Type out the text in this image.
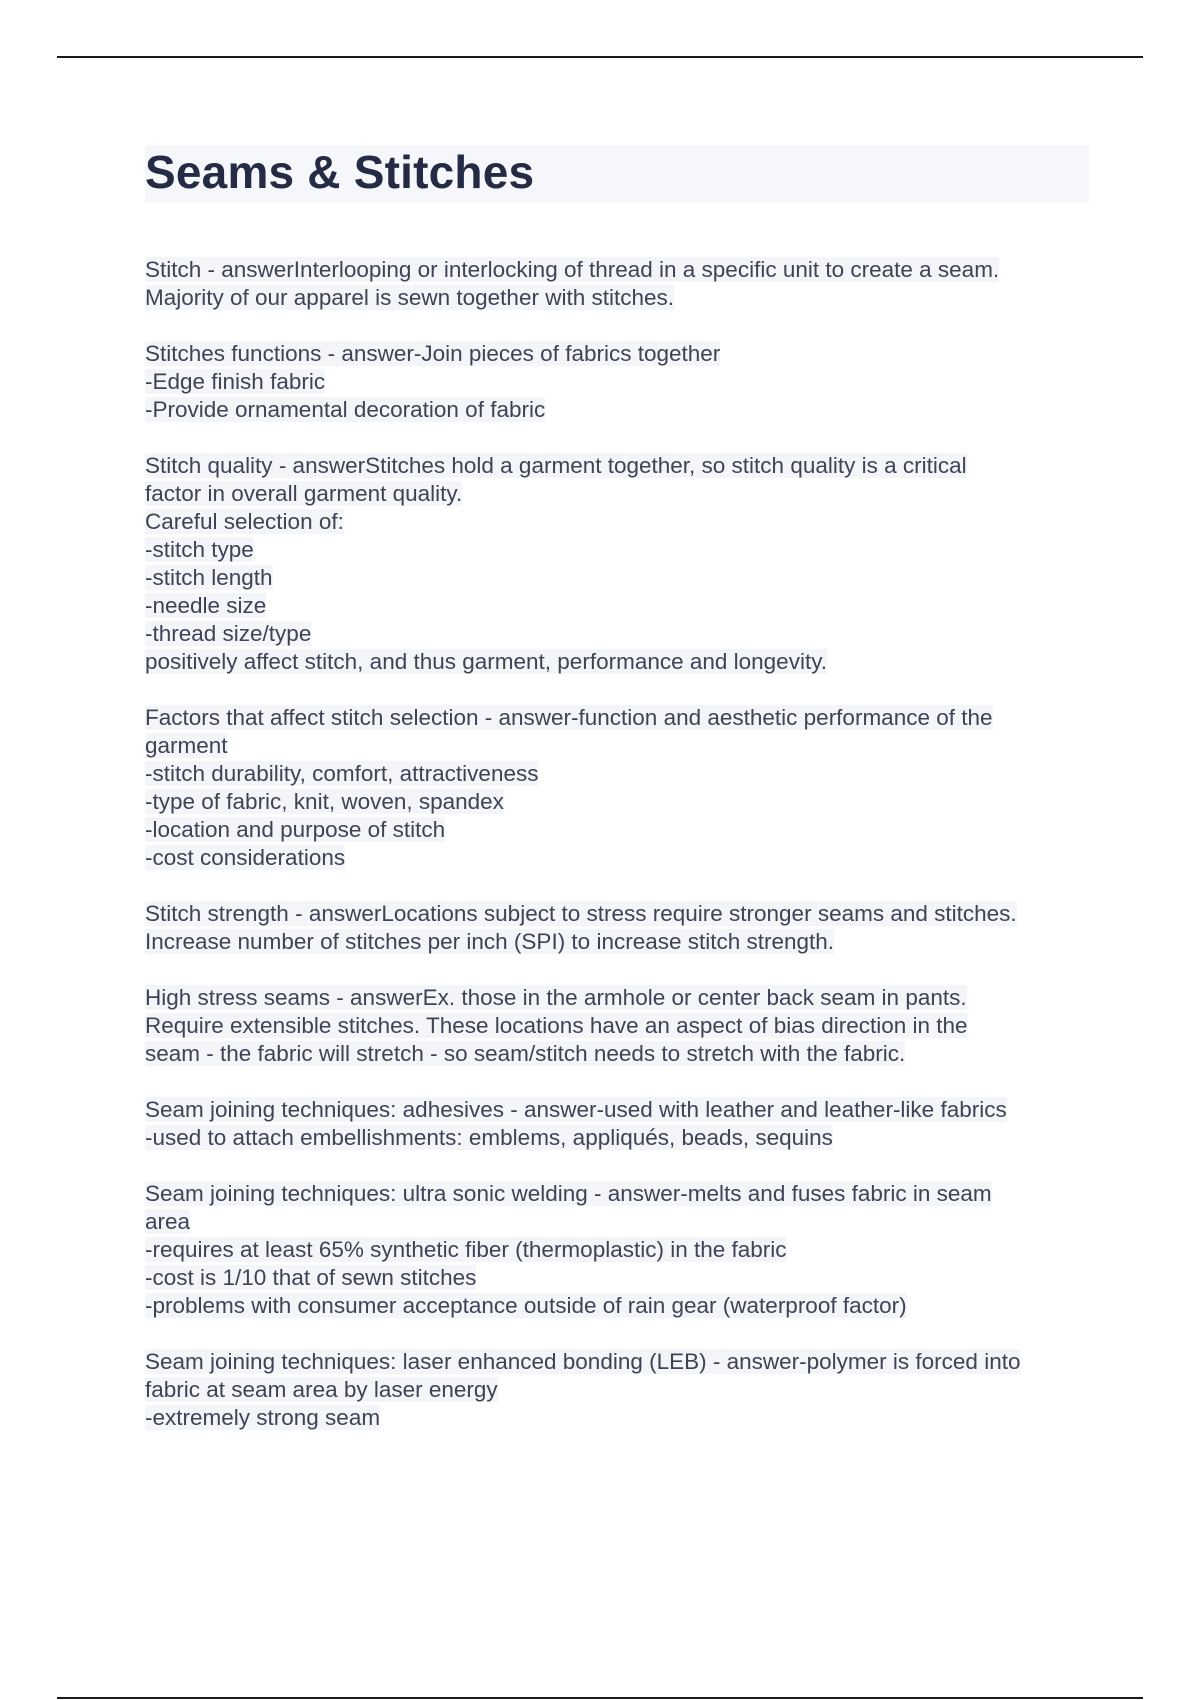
Seams & Stitches
Stitch - answerInterlooping or interlocking of thread in a specific unit to create a seam.
Majority of our apparel is sewn together with stitches.
Stitches functions - answer-Join pieces of fabrics together
-Edge finish fabric
-Provide ornamental decoration of fabric
Stitch quality - answerStitches hold a garment together, so stitch quality is a critical
factor in overall garment quality.
Careful selection of:
-stitch type
-stitch length
-needle size
-thread size/type
positively affect stitch, and thus garment, performance and longevity.
Factors that affect stitch selection - answer-function and aesthetic performance of the
garment
-stitch durability, comfort, attractiveness
-type of fabric, knit, woven, spandex
-location and purpose of stitch
-cost considerations
Stitch strength - answerLocations subject to stress require stronger seams and stitches.
Increase number of stitches per inch (SPI) to increase stitch strength.
High stress seams - answerEx. those in the armhole or center back seam in pants.
Require extensible stitches. These locations have an aspect of bias direction in the
seam - the fabric will stretch - so seam/stitch needs to stretch with the fabric.
Seam joining techniques: adhesives - answer-used with leather and leather-like fabrics
-used to attach embellishments: emblems, appliqués, beads, sequins
Seam joining techniques: ultra sonic welding - answer-melts and fuses fabric in seam
area
-requires at least 65% synthetic fiber (thermoplastic) in the fabric
-cost is 1/10 that of sewn stitches
-problems with consumer acceptance outside of rain gear (waterproof factor)
Seam joining techniques: laser enhanced bonding (LEB) - answer-polymer is forced into
fabric at seam area by laser energy
-extremely strong seam
